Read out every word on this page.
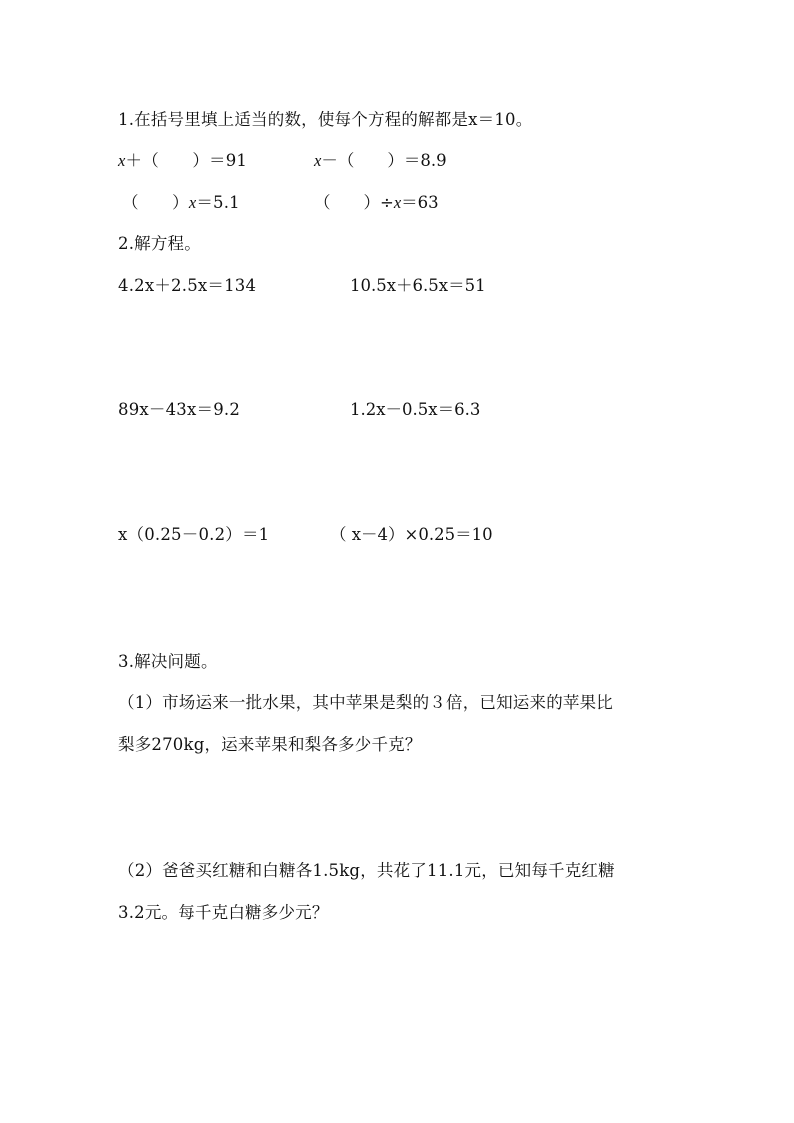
1.在括号里填上适当的数，使每个方程的解都是x＝10。
x＋（　　）＝91	x－（　　）＝8.9
（　　）x＝5.1	（　　）÷x＝63
2.解方程。
4.2x＋2.5x＝134	10.5x＋6.5x＝51
89x－43x＝9.2	1.2x－0.5x＝6.3
x（0.25－0.2）＝1	（ x－4）×0.25＝10
3.解决问题。
（1）市场运来一批水果，其中苹果是梨的３倍，已知运来的苹果比
梨多270kg，运来苹果和梨各多少千克？
（2）爸爸买红糖和白糖各1.5kg，共花了11.1元，已知每千克红糖
3.2元。每千克白糖多少元？
